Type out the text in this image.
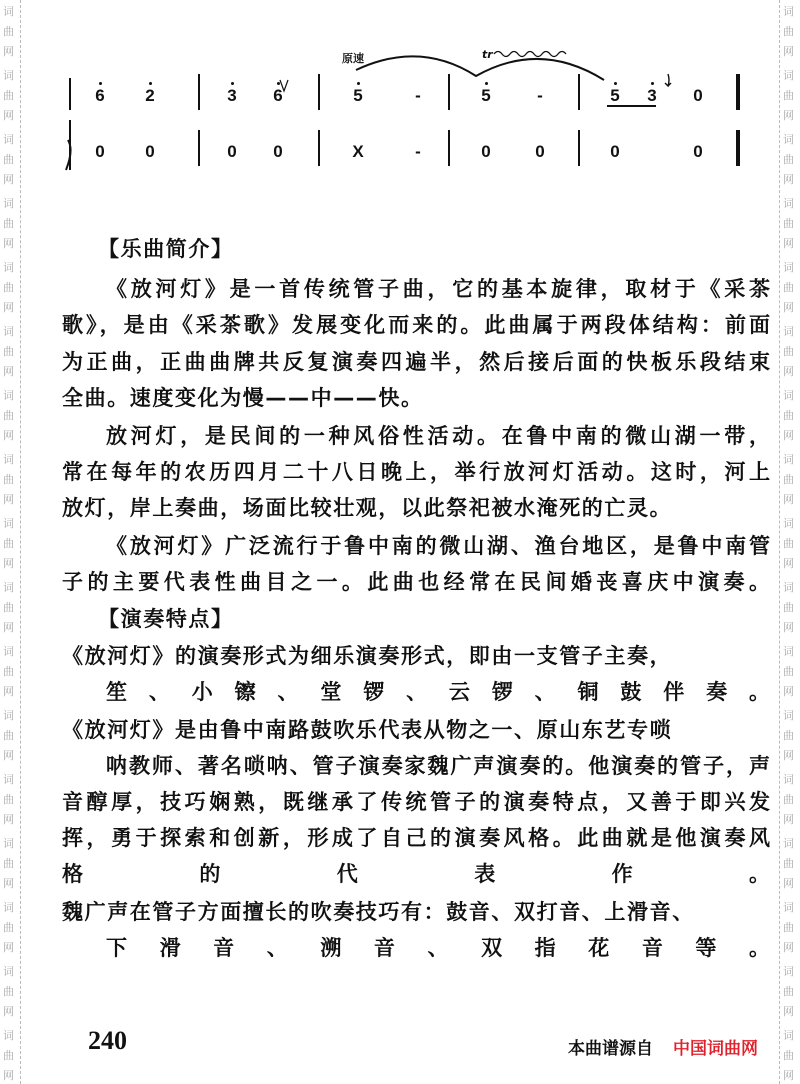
词
曲
网
词
曲
网
词
曲
网
词
曲
网
词
曲
网
词
曲
网
词
曲
网
词
曲
网
词
曲
网
词
曲
网
词
曲
网
词
曲
网
词
曲
网
词
曲
网
词
曲
网
词
曲
网
词
曲
网
词
曲
网
词
曲
网
词
曲
网
词
曲
网
词
曲
网
词
曲
网
词
曲
网
词
曲
网
词
曲
网
词
曲
网
词
曲
网
词
曲
网
词
曲
网
词
曲
网
词
曲
网
词
曲
网
词
曲
网
原速	tr
6 2	3 6	5	-	5	-	5 3 0
0 0	0 0	X	-	0	0	0	0
【乐曲简介】
《放河灯》是一首传统管子曲，它的基本旋律，取材于《采茶
歌》，是由《采茶歌》发展变化而来的。此曲属于两段体结构：前面
为正曲，正曲曲牌共反复演奏四遍半，然后接后面的快板乐段结束
全曲。速度变化为慢——中——快。
放河灯，是民间的一种风俗性活动。在鲁中南的微山湖一带，
常在每年的农历四月二十八日晚上，举行放河灯活动。这时，河上
放灯，岸上奏曲，场面比较壮观，以此祭祀被水淹死的亡灵。
《放河灯》广泛流行于鲁中南的微山湖、渔台地区，是鲁中南管
子的主要代表性曲目之一。此曲也经常在民间婚丧喜庆中演奏。
【演奏特点】
《放河灯》的演奏形式为细乐演奏形式，即由一支管子主奏，
笙、小镲、堂锣、云锣、铜鼓伴奏。
《放河灯》是由鲁中南路鼓吹乐代表从物之一、原山东艺专唢
呐教师、著名唢呐、管子演奏家魏广声演奏的。他演奏的管子，声
音醇厚，技巧娴熟，既继承了传统管子的演奏特点，又善于即兴发
挥，勇于探索和创新，形成了自己的演奏风格。此曲就是他演奏风
格的代表作。
魏广声在管子方面擅长的吹奏技巧有：鼓音、双打音、上滑音、
下滑音、溯音、双指花音等。
240	本曲谱源自 中国词曲网
